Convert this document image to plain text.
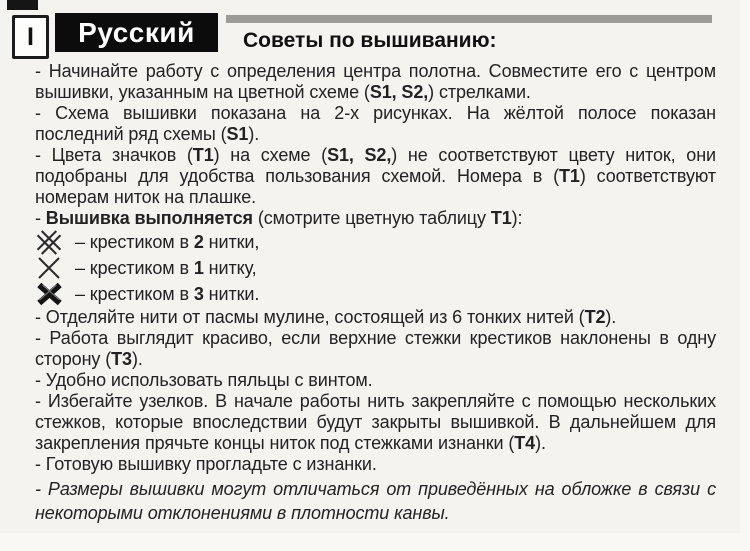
I Русский Советы по вышиванию:

- Начинайте работу с определения центра полотна. Совместите его с центром вышивки, указанным на цветной схеме (S1, S2,) стрелками.

- Схема вышивки показана на 2-х рисунках. На жёлтой полосе показан последний ряд схемы (S1).

- Цвета значков (T1) на схеме (S1, S2,) не соответствуют цвету ниток, они подобраны для удобства пользования схемой. Номера в (T1) соответствуют номерам ниток на плашке.

- Вышивка выполняется (смотрите цветную таблицу T1):

– крестиком в 2 нитки,
– крестиком в 1 нитку,
– крестиком в 3 нитки.

- Отделяйте нити от пасмы мулине, состоящей из 6 тонких нитей (T2).

- Работа выглядит красиво, если верхние стежки крестиков наклонены в одну сторону (T3).

- Удобно использовать пяльцы с винтом.

- Избегайте узелков. В начале работы нить закрепляйте с помощью нескольких стежков, которые впоследствии будут закрыты вышивкой. В дальнейшем для закрепления прячьте концы ниток под стежками изнанки (T4).

- Готовую вышивку прогладьте с изнанки.

- Размеры вышивки могут отличаться от приведённых на обложке в связи с некоторыми отклонениями в плотности канвы.
